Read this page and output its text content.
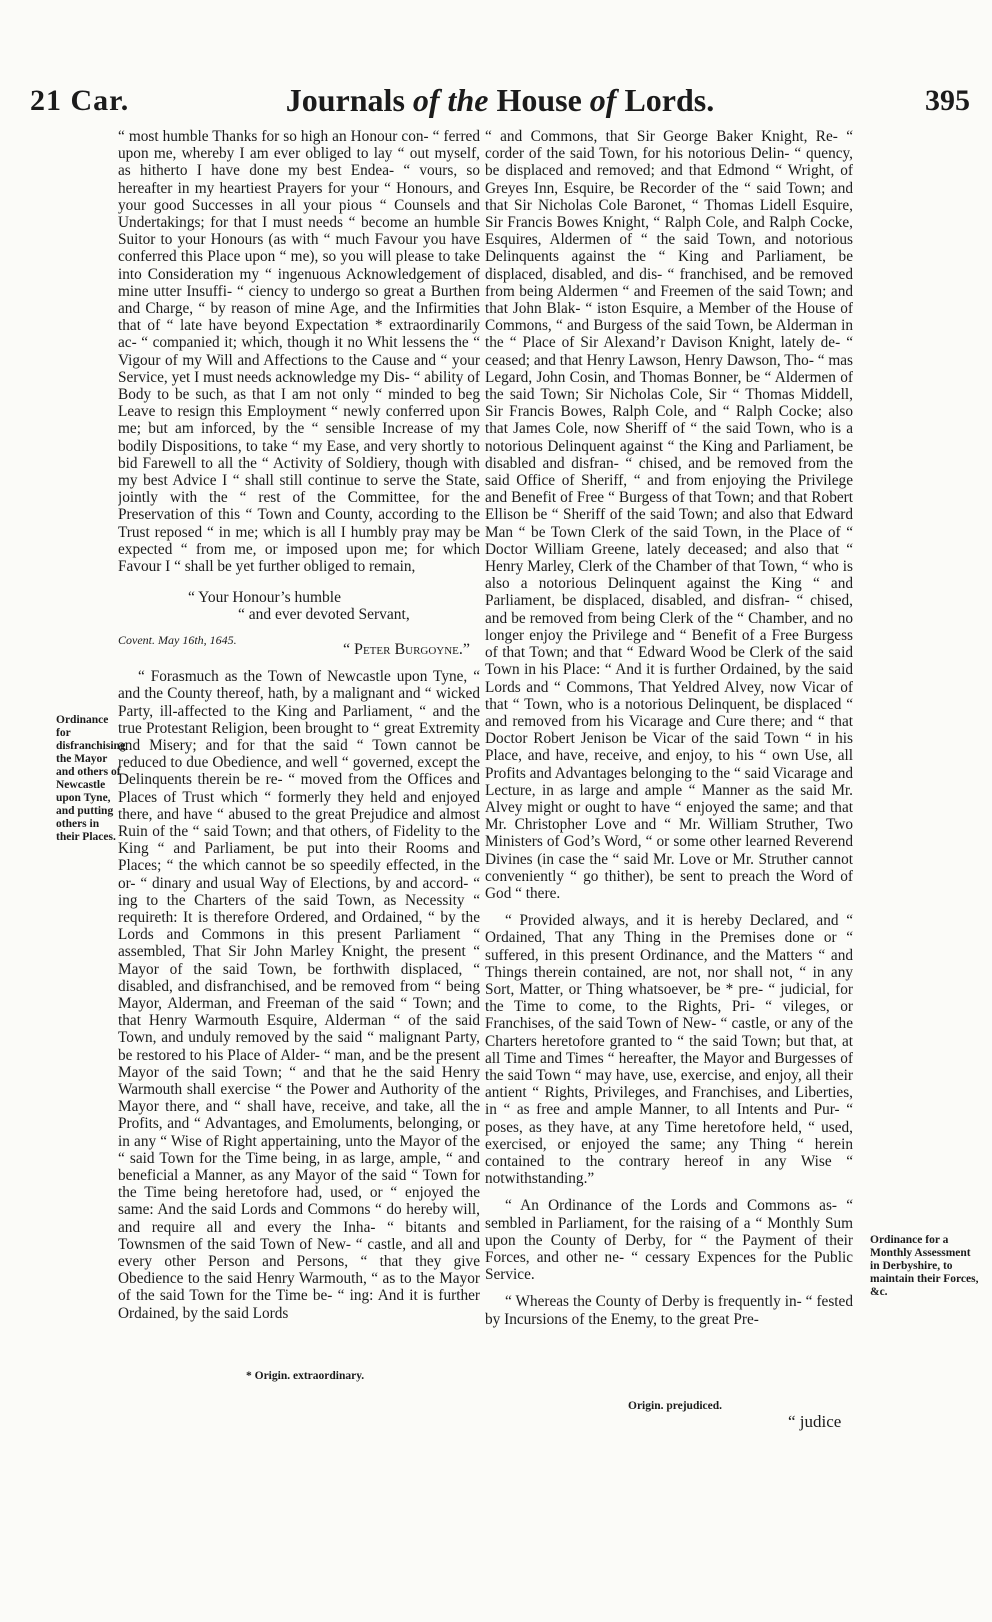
21 Car.	Journals of the House of Lords.	395

“ most humble Thanks for so high an Honour con- “ ferred upon me, whereby I am ever obliged to lay “ out myself, as hitherto I have done my best Endea- “ vours, so hereafter in my heartiest Prayers for your “ Honours, and your good Successes in all your pious “ Counsels and Undertakings; for that I must needs “ become an humble Suitor to your Honours (as with “ much Favour you have conferred this Place upon “ me), so you will please to take into Consideration my “ ingenuous Acknowledgement of mine utter Insuffi- “ ciency to undergo so great a Burthen and Charge, “ by reason of mine Age, and the Infirmities that of “ late have beyond Expectation * extraordinarily ac- “ companied it; which, though it no Whit lessens the “ Vigour of my Will and Affections to the Cause and “ your Service, yet I must needs acknowledge my Dis- “ ability of Body to be such, as that I am not only “ minded to beg Leave to resign this Employment “ newly conferred upon me; but am inforced, by the “ sensible Increase of my bodily Dispositions, to take “ my Ease, and very shortly to bid Farewell to all the “ Activity of Soldiery, though with my best Advice I “ shall still continue to serve the State, jointly with the “ rest of the Committee, for the Preservation of this “ Town and County, according to the Trust reposed “ in me; which is all I humbly pray may be expected “ from me, or imposed upon me; for which Favour I “ shall be yet further obliged to remain,

“ Your Honour’s humble
“ and ever devoted Servant,
Covent. May 16th, 1645.
“ Peter Burgoyne.”

“ Forasmuch as the Town of Newcastle upon Tyne, “ and the County thereof, hath, by a malignant and “ wicked Party, ill-affected to the King and Parliament, “ and the true Protestant Religion, been brought to “ great Extremity and Misery; and for that the said “ Town cannot be reduced to due Obedience, and well “ governed, except the Delinquents therein be re- “ moved from the Offices and Places of Trust which “ formerly they held and enjoyed there, and have “ abused to the great Prejudice and almost Ruin of the “ said Town; and that others, of Fidelity to the King “ and Parliament, be put into their Rooms and Places; “ the which cannot be so speedily effected, in the or- “ dinary and usual Way of Elections, by and accord- “ ing to the Charters of the said Town, as Necessity “ requireth: It is therefore Ordered, and Ordained, “ by the Lords and Commons in this present Parliament “ assembled, That Sir John Marley Knight, the present “ Mayor of the said Town, be forthwith displaced, “ disabled, and disfranchised, and be removed from “ being Mayor, Alderman, and Freeman of the said “ Town; and that Henry Warmouth Esquire, Alderman “ of the said Town, and unduly removed by the said “ malignant Party, be restored to his Place of Alder- “ man, and be the present Mayor of the said Town; “ and that he the said Henry Warmouth shall exercise “ the Power and Authority of the Mayor there, and “ shall have, receive, and take, all the Profits, and “ Advantages, and Emoluments, belonging, or in any “ Wise of Right appertaining, unto the Mayor of the “ said Town for the Time being, in as large, ample, “ and beneficial a Manner, as any Mayor of the said “ Town for the Time being heretofore had, used, or “ enjoyed the same: And the said Lords and Commons “ do hereby will, and require all and every the Inha- “ bitants and Townsmen of the said Town of New- “ castle, and all and every other Person and Persons, “ that they give Obedience to the said Henry Warmouth, “ as to the Mayor of the said Town for the Time be- “ ing: And it is further Ordained, by the said Lords

“ and Commons, that Sir George Baker Knight, Re- “ corder of the said Town, for his notorious Delin- “ quency, be displaced and removed; and that Edmond “ Wright, of Greyes Inn, Esquire, be Recorder of the “ said Town; and that Sir Nicholas Cole Baronet, “ Thomas Lidell Esquire, Sir Francis Bowes Knight, “ Ralph Cole, and Ralph Cocke, Esquires, Aldermen of “ the said Town, and notorious Delinquents against the “ King and Parliament, be displaced, disabled, and dis- “ franchised, and be removed from being Aldermen “ and Freemen of the said Town; and that John Blak- “ iston Esquire, a Member of the House of Commons, “ and Burgess of the said Town, be Alderman in the “ Place of Sir Alexand’r Davison Knight, lately de- “ ceased; and that Henry Lawson, Henry Dawson, Tho- “ mas Legard, John Cosin, and Thomas Bonner, be “ Aldermen of the said Town; Sir Nicholas Cole, Sir “ Thomas Middell, Sir Francis Bowes, Ralph Cole, and “ Ralph Cocke; also that James Cole, now Sheriff of “ the said Town, who is a notorious Delinquent against “ the King and Parliament, be disabled and disfran- “ chised, and be removed from the said Office of Sheriff, “ and from enjoying the Privilege and Benefit of Free “ Burgess of that Town; and that Robert Ellison be “ Sheriff of the said Town; and also that Edward Man “ be Town Clerk of the said Town, in the Place of “ Doctor William Greene, lately deceased; and also that “ Henry Marley, Clerk of the Chamber of that Town, “ who is also a notorious Delinquent against the King “ and Parliament, be displaced, disabled, and disfran- “ chised, and be removed from being Clerk of the “ Chamber, and no longer enjoy the Privilege and “ Benefit of a Free Burgess of that Town; and that “ Edward Wood be Clerk of the said Town in his Place: “ And it is further Ordained, by the said Lords and “ Commons, That Yeldred Alvey, now Vicar of that “ Town, who is a notorious Delinquent, be displaced “ and removed from his Vicarage and Cure there; and “ that Doctor Robert Jenison be Vicar of the said Town “ in his Place, and have, receive, and enjoy, to his “ own Use, all Profits and Advantages belonging to the “ said Vicarage and Lecture, in as large and ample “ Manner as the said Mr. Alvey might or ought to have “ enjoyed the same; and that Mr. Christopher Love and “ Mr. William Struther, Two Ministers of God’s Word, “ or some other learned Reverend Divines (in case the “ said Mr. Love or Mr. Struther cannot conveniently “ go thither), be sent to preach the Word of God “ there.

“ Provided always, and it is hereby Declared, and “ Ordained, That any Thing in the Premises done or “ suffered, in this present Ordinance, and the Matters “ and Things therein contained, are not, nor shall not, “ in any Sort, Matter, or Thing whatsoever, be * pre- “ judicial, for the Time to come, to the Rights, Pri- “ vileges, or Franchises, of the said Town of New- “ castle, or any of the Charters heretofore granted to “ the said Town; but that, at all Time and Times “ hereafter, the Mayor and Burgesses of the said Town “ may have, use, exercise, and enjoy, all their antient “ Rights, Privileges, and Franchises, and Liberties, in “ as free and ample Manner, to all Intents and Pur- “ poses, as they have, at any Time heretofore held, “ used, exercised, or enjoyed the same; any Thing “ herein contained to the contrary hereof in any Wise “ notwithstanding.”

“ An Ordinance of the Lords and Commons as- “ sembled in Parliament, for the raising of a “ Monthly Sum upon the County of Derby, for “ the Payment of their Forces, and other ne- “ cessary Expences for the Public Service.

“ Whereas the County of Derby is frequently in- “ fested by Incursions of the Enemy, to the great Pre-

Ordinance for disfranchising the Mayor and others of Newcastle upon Tyne, and putting others in their Places.
Ordinance for a Monthly Assessment in Derbyshire, to maintain their Forces, &c.
* Origin. extraordinary.
Origin. prejudiced.
“ judice
